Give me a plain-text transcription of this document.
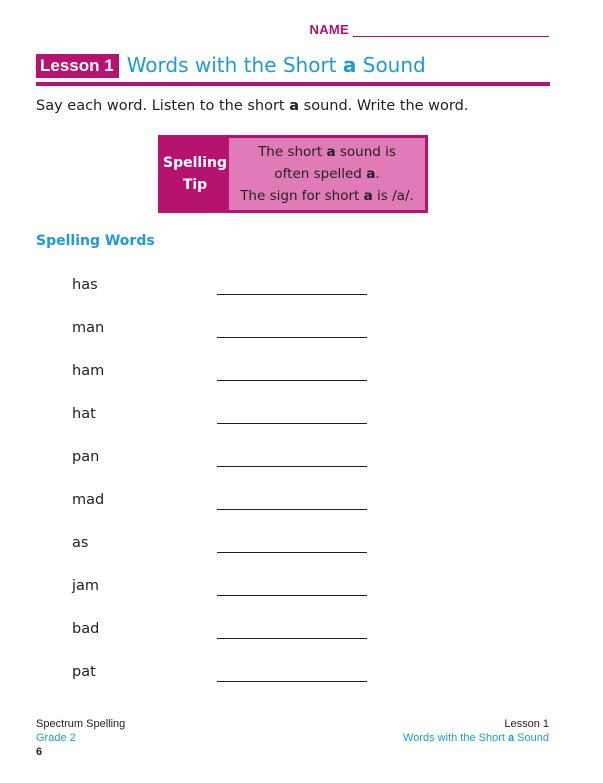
NAME
Lesson 1 Words with the Short a Sound
Say each word. Listen to the short a sound. Write the word.
Spelling
Tip
The short a sound is
often spelled a.
The sign for short a is /a/.
Spelling Words
has
man
ham
hat
pan
mad
as
jam
bad
pat
Spectrum Spelling
Grade 2
6
Lesson 1
Words with the Short a Sound
